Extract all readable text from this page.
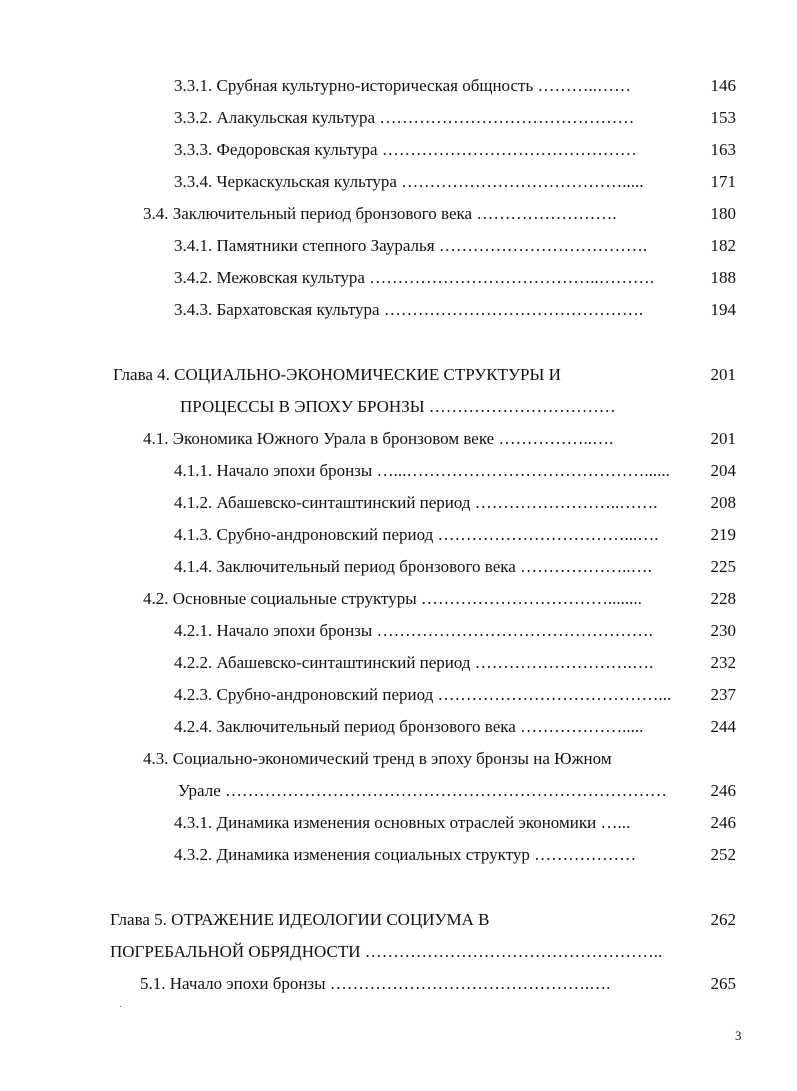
3.3.1. Срубная культурно-историческая общность ………..……	146
3.3.2. Алакульская культура ………………………………………	153
3.3.3. Федоровская культура ………………………………………	163
3.3.4. Черкаскульская культура ………………………………….....	171
3.4. Заключительный период бронзового века …………………….	180
3.4.1. Памятники степного Зауралья ……………………………….	182
3.4.2. Межовская культура …………………………………..……….	188
3.4.3. Бархатовская культура ……………………………………….	194
Глава 4. СОЦИАЛЬНО-ЭКОНОМИЧЕСКИЕ СТРУКТУРЫ И	201
ПРОЦЕССЫ В ЭПОХУ БРОНЗЫ ……………………………
4.1. Экономика Южного Урала в бронзовом веке ……………..….	201
4.1.1. Начало эпохи бронзы …...……………………………………......	204
4.1.2. Абашевско-синташтинский период ……………………..…….	208
4.1.3. Срубно-андроновский период ……………………………...….	219
4.1.4. Заключительный период бронзового века ………………..….	225
4.2. Основные социальные структуры ……………………………........	228
4.2.1. Начало эпохи бронзы ………………………………………….	230
4.2.2. Абашевско-синташтинский период ……………………….….	232
4.2.3. Срубно-андроновский период …………………………………...	237
4.2.4. Заключительный период бронзового века ……………….....	244
4.3. Социально-экономический тренд в эпоху бронзы на Южном
Урале ……………………………………………………………………	246
4.3.1. Динамика изменения основных отраслей экономики …...	246
4.3.2. Динамика изменения социальных структур ………………	252
Глава 5. ОТРАЖЕНИЕ ИДЕОЛОГИИ СОЦИУМА В	262
ПОГРЕБАЛЬНОЙ ОБРЯДНОСТИ ……………………………………………..
5.1. Начало эпохи бронзы ……………………………………….….	265
·
3
